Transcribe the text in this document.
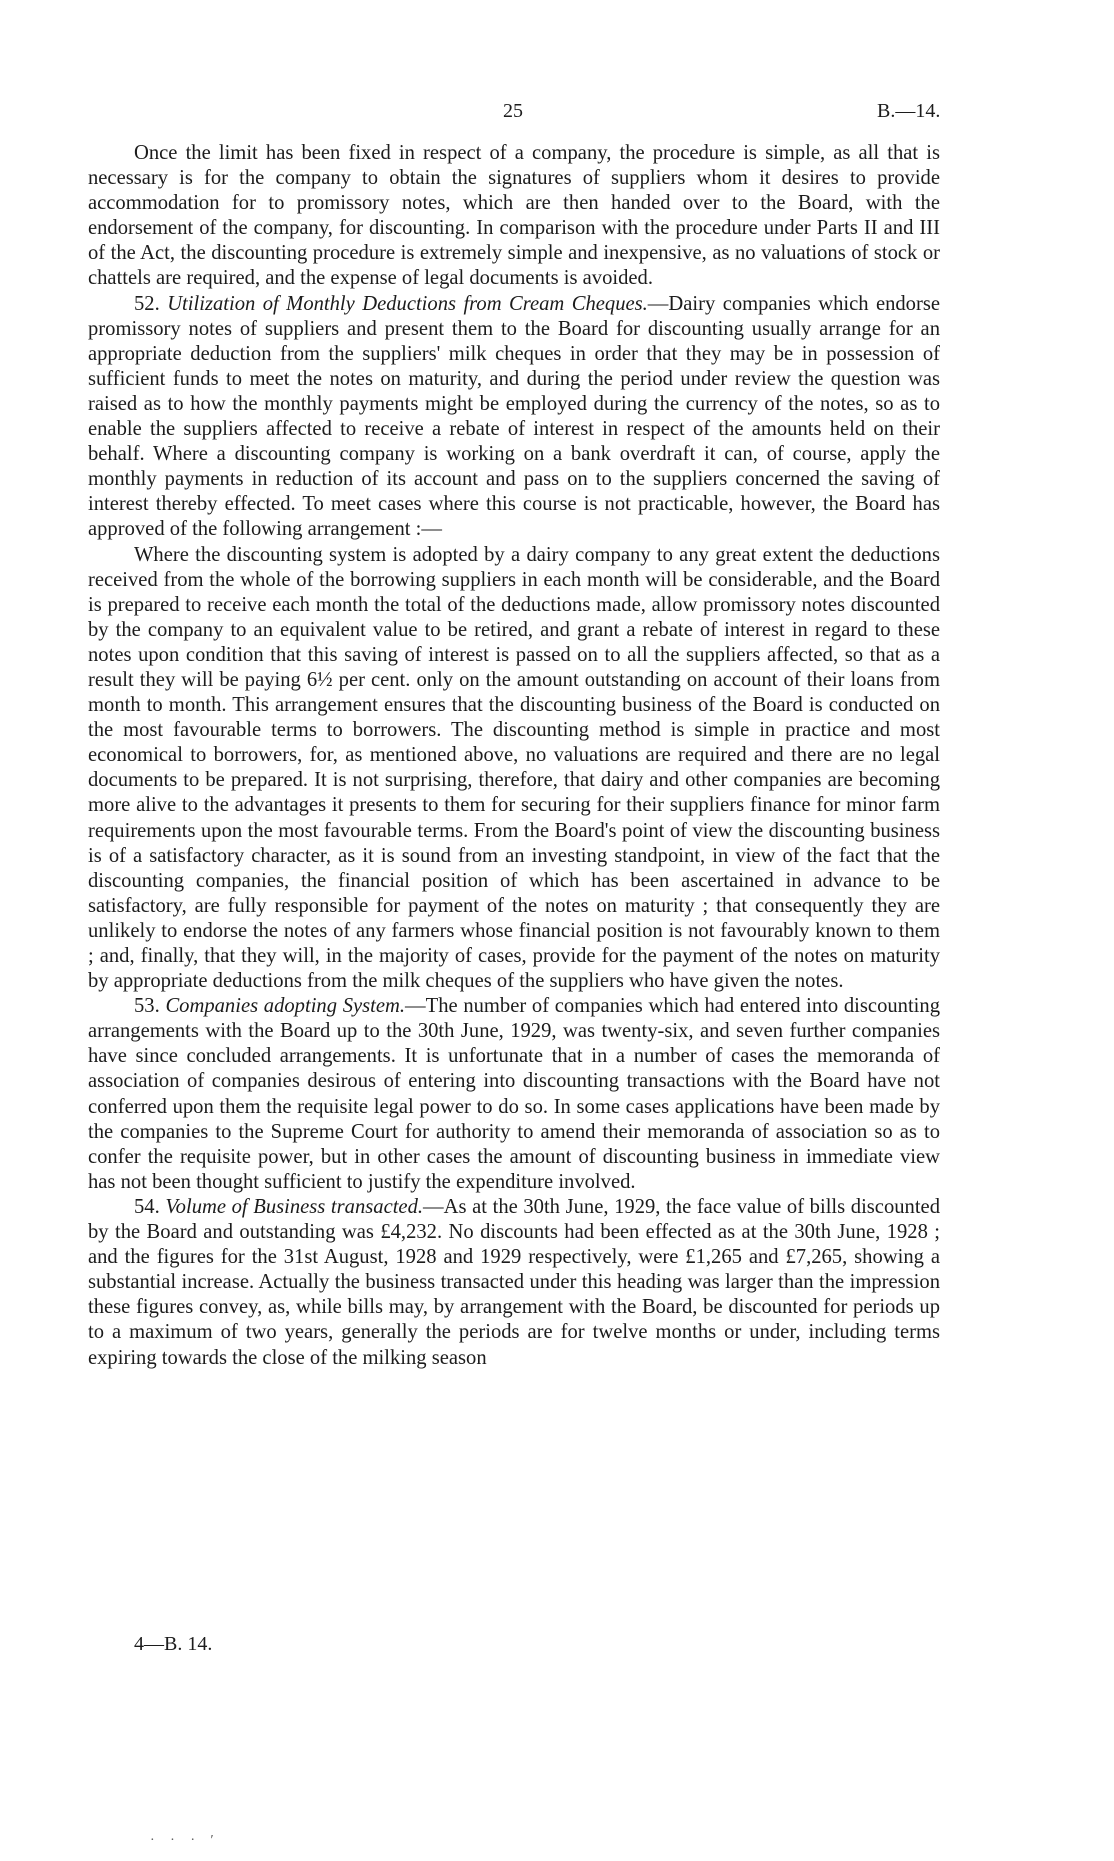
25	B.—14.

Once the limit has been fixed in respect of a company, the procedure is simple, as all that is necessary is for the company to obtain the signatures of suppliers whom it desires to provide accommodation for to promissory notes, which are then handed over to the Board, with the endorsement of the company, for discounting. In comparison with the procedure under Parts II and III of the Act, the discounting procedure is extremely simple and inexpensive, as no valuations of stock or chattels are required, and the expense of legal documents is avoided.

52. Utilization of Monthly Deductions from Cream Cheques.—Dairy companies which endorse promissory notes of suppliers and present them to the Board for discounting usually arrange for an appropriate deduction from the suppliers' milk cheques in order that they may be in possession of sufficient funds to meet the notes on maturity, and during the period under review the question was raised as to how the monthly payments might be employed during the currency of the notes, so as to enable the suppliers affected to receive a rebate of interest in respect of the amounts held on their behalf. Where a discounting company is working on a bank overdraft it can, of course, apply the monthly payments in reduction of its account and pass on to the suppliers concerned the saving of interest thereby effected. To meet cases where this course is not practicable, however, the Board has approved of the following arrangement :—

Where the discounting system is adopted by a dairy company to any great extent the deductions received from the whole of the borrowing suppliers in each month will be considerable, and the Board is prepared to receive each month the total of the deductions made, allow promissory notes discounted by the company to an equivalent value to be retired, and grant a rebate of interest in regard to these notes upon condition that this saving of interest is passed on to all the suppliers affected, so that as a result they will be paying 6½ per cent. only on the amount outstanding on account of their loans from month to month. This arrangement ensures that the discounting business of the Board is conducted on the most favourable terms to borrowers. The discounting method is simple in practice and most economical to borrowers, for, as mentioned above, no valuations are required and there are no legal documents to be prepared. It is not surprising, therefore, that dairy and other companies are becoming more alive to the advantages it presents to them for securing for their suppliers finance for minor farm requirements upon the most favourable terms. From the Board's point of view the discounting business is of a satisfactory character, as it is sound from an investing standpoint, in view of the fact that the discounting companies, the financial position of which has been ascertained in advance to be satisfactory, are fully responsible for payment of the notes on maturity ; that consequently they are unlikely to endorse the notes of any farmers whose financial position is not favourably known to them ; and, finally, that they will, in the majority of cases, provide for the payment of the notes on maturity by appropriate deductions from the milk cheques of the suppliers who have given the notes.

53. Companies adopting System.—The number of companies which had entered into discounting arrangements with the Board up to the 30th June, 1929, was twenty-six, and seven further companies have since concluded arrangements. It is unfortunate that in a number of cases the memoranda of association of companies desirous of entering into discounting transactions with the Board have not conferred upon them the requisite legal power to do so. In some cases applications have been made by the companies to the Supreme Court for authority to amend their memoranda of association so as to confer the requisite power, but in other cases the amount of discounting business in immediate view has not been thought sufficient to justify the expenditure involved.

54. Volume of Business transacted.—As at the 30th June, 1929, the face value of bills discounted by the Board and outstanding was £4,232. No discounts had been effected as at the 30th June, 1928 ; and the figures for the 31st August, 1928 and 1929 respectively, were £1,265 and £7,265, showing a substantial increase. Actually the business transacted under this heading was larger than the impression these figures convey, as, while bills may, by arrangement with the Board, be discounted for periods up to a maximum of two years, generally the periods are for twelve months or under, including terms expiring towards the close of the milking season

4—B. 14.
· · · ′
